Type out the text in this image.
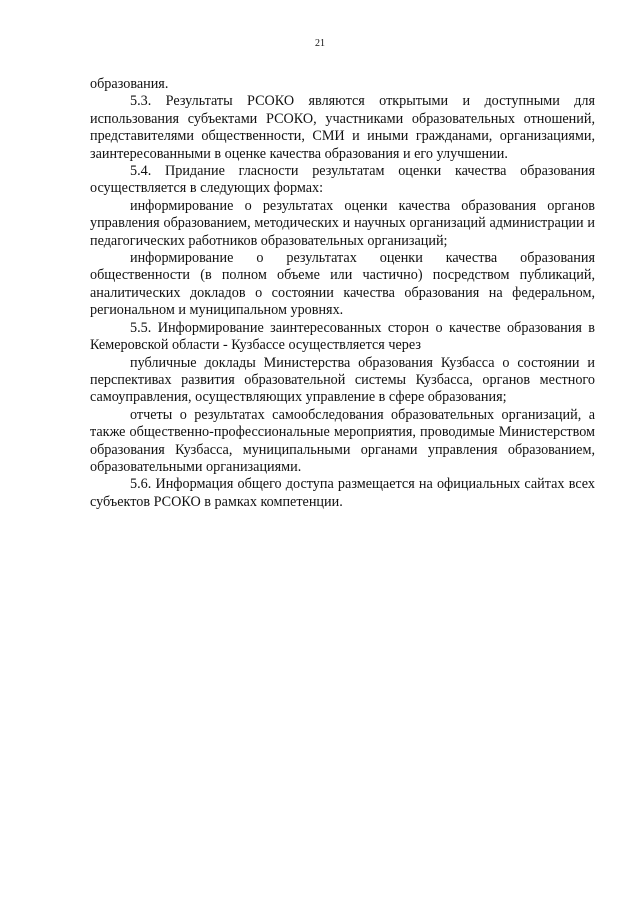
21

образования.

5.3. Результаты РСОКО являются открытыми и доступными для использования субъектами РСОКО, участниками образовательных отношений, представителями общественности, СМИ и иными гражданами, организациями, заинтересованными в оценке качества образования и его улучшении.

5.4. Придание гласности результатам оценки качества образования осуществляется в следующих формах:

информирование о результатах оценки качества образования органов управления образованием, методических и научных организаций администрации и педагогических работников образовательных организаций;

информирование о результатах оценки качества образования общественности (в полном объеме или частично) посредством публикаций, аналитических докладов о состоянии качества образования на федеральном, региональном и муниципальном уровнях.

5.5. Информирование заинтересованных сторон о качестве образования в Кемеровской области - Кузбассе осуществляется через

публичные доклады Министерства образования Кузбасса о состоянии и перспективах развития образовательной системы Кузбасса, органов местного самоуправления, осуществляющих управление в сфере образования;

отчеты о результатах самообследования образовательных организаций, а также общественно-профессиональные мероприятия, проводимые Министерством образования Кузбасса, муниципальными органами управления образованием, образовательными организациями.

5.6. Информация общего доступа размещается на официальных сайтах всех субъектов РСОКО в рамках компетенции.
